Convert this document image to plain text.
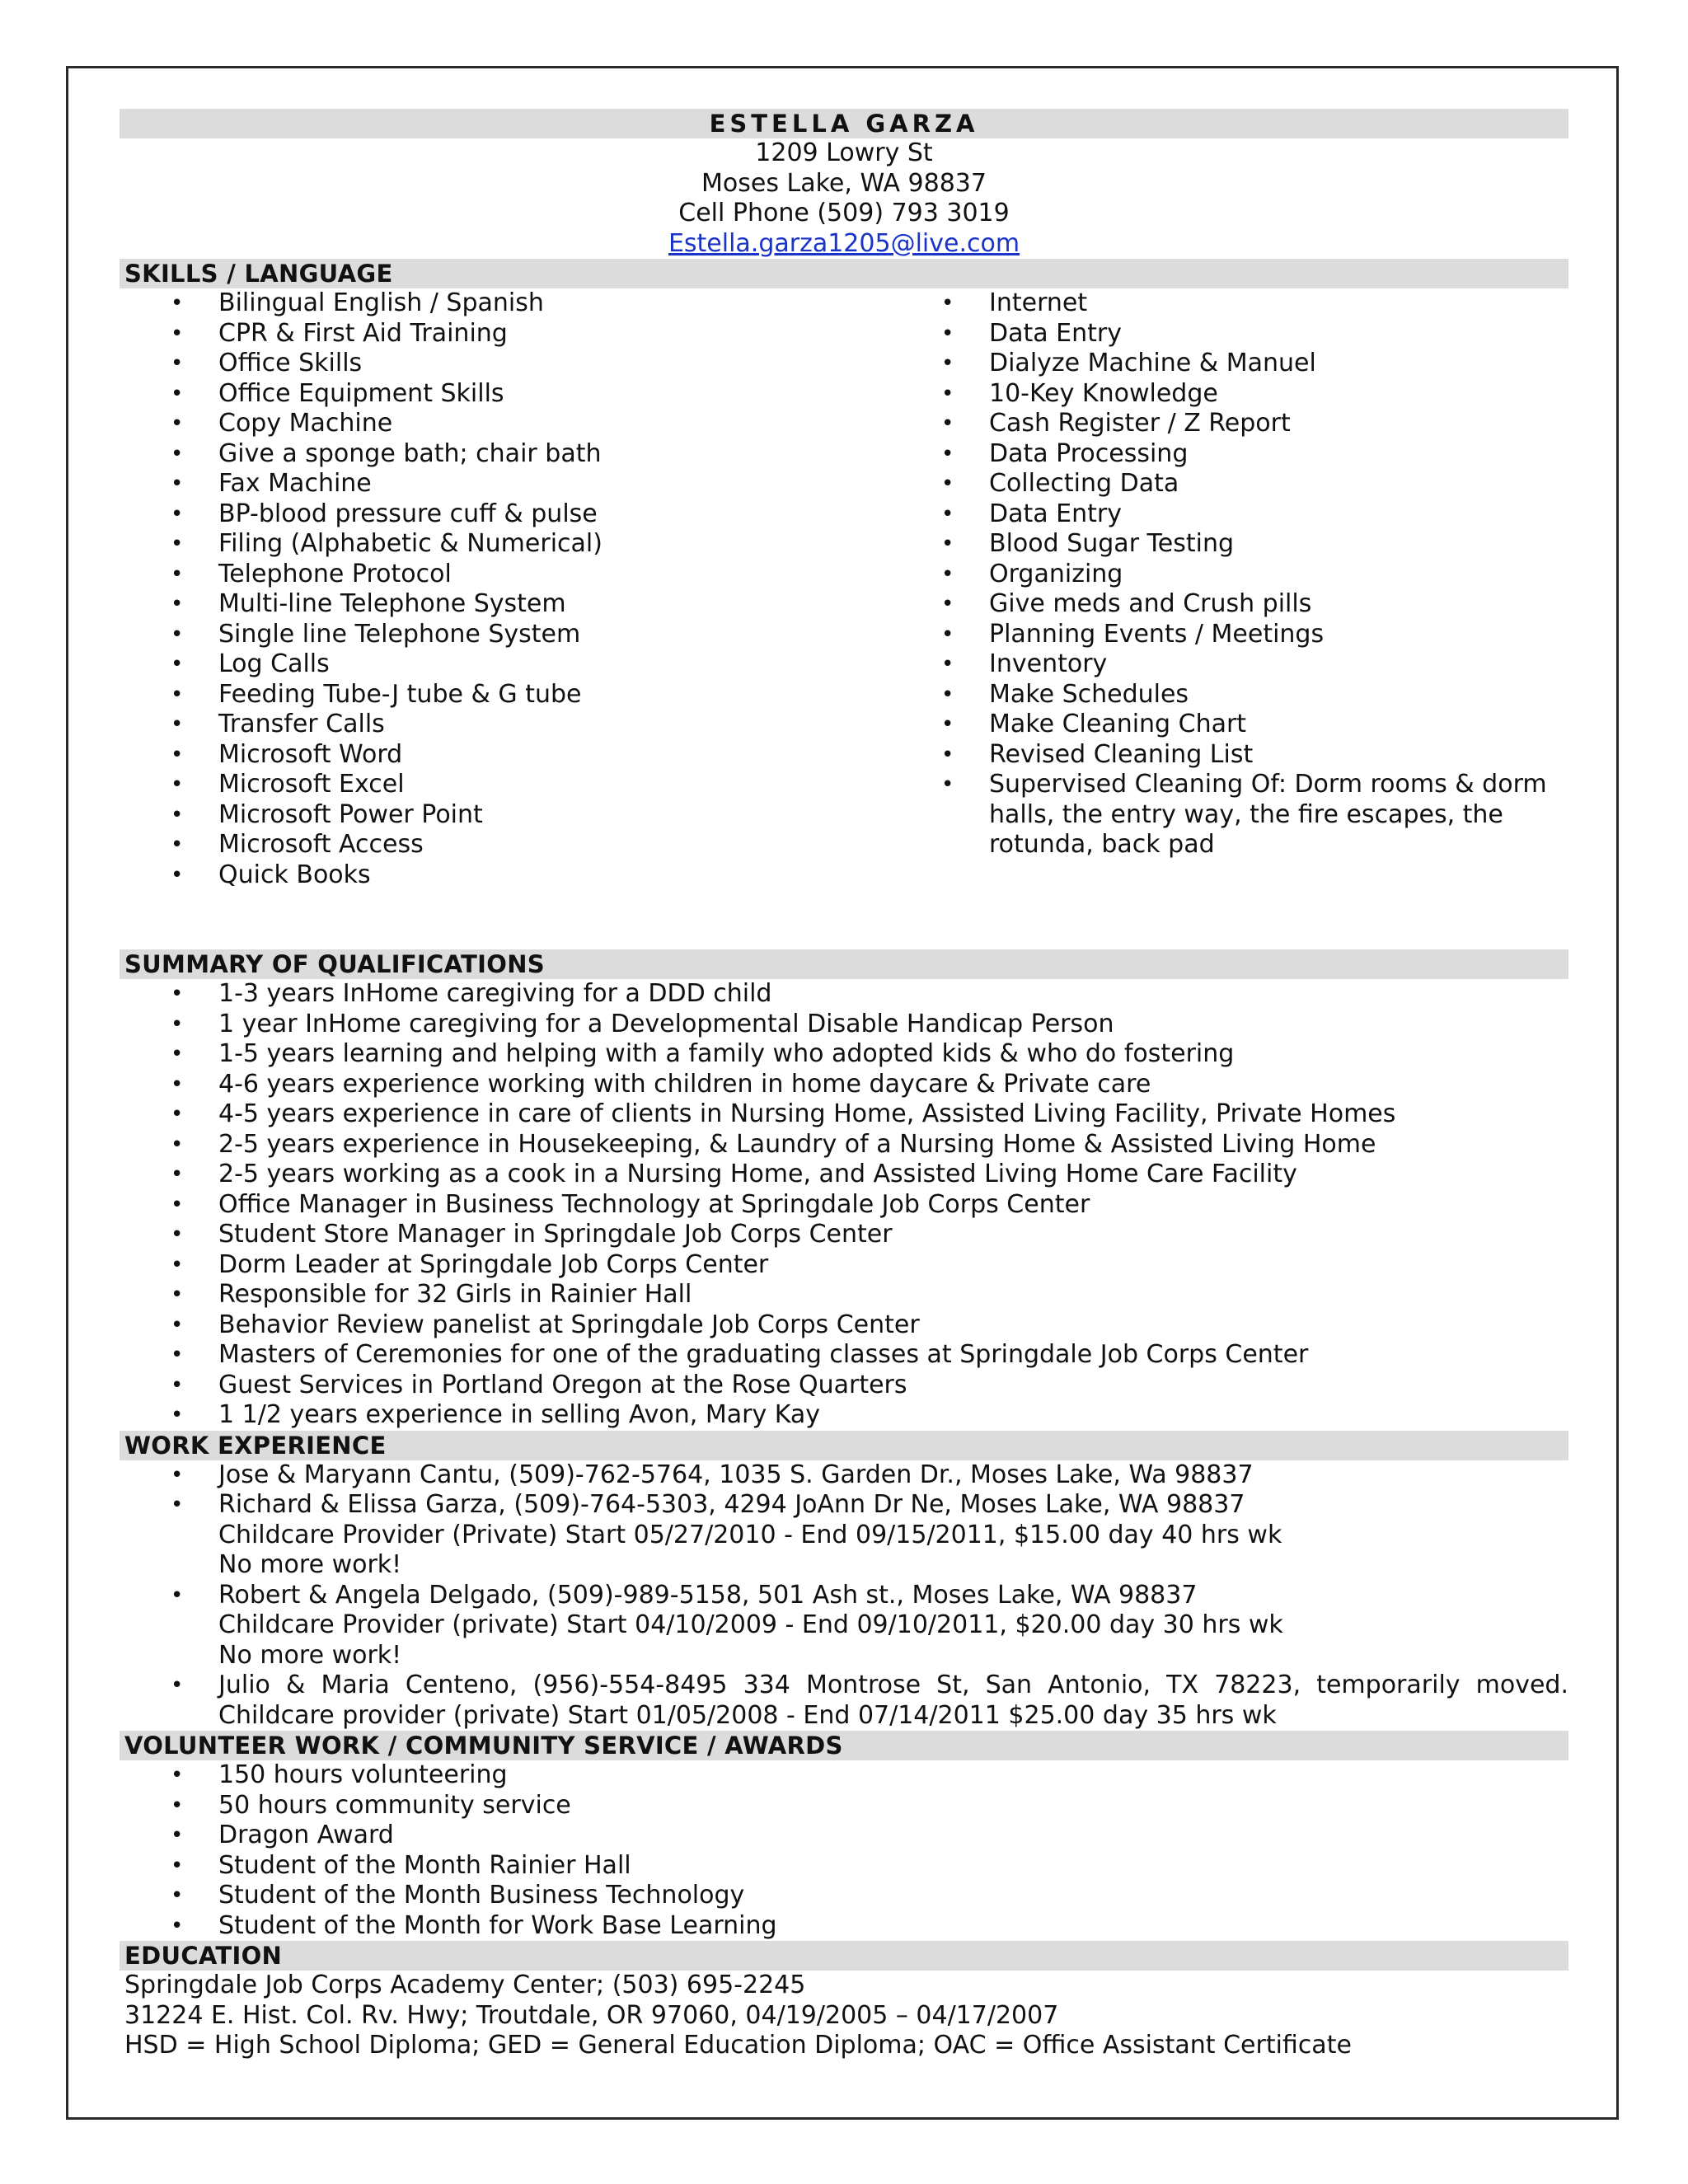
ESTELLA GARZA
1209 Lowry St
Moses Lake, WA 98837
Cell Phone (509) 793 3019
Estella.garza1205@live.com
SKILLS / LANGUAGE
• Bilingual English / Spanish
• CPR & First Aid Training
• Office Skills
• Office Equipment Skills
• Copy Machine
• Give a sponge bath; chair bath
• Fax Machine
• BP-blood pressure cuff & pulse
• Filing (Alphabetic & Numerical)
• Telephone Protocol
• Multi-line Telephone System
• Single line Telephone System
• Log Calls
• Feeding Tube-J tube & G tube
• Transfer Calls
• Microsoft Word
• Microsoft Excel
• Microsoft Power Point
• Microsoft Access
• Quick Books
• Internet
• Data Entry
• Dialyze Machine & Manuel
• 10-Key Knowledge
• Cash Register / Z Report
• Data Processing
• Collecting Data
• Data Entry
• Blood Sugar Testing
• Organizing
• Give meds and Crush pills
• Planning Events / Meetings
• Inventory
• Make Schedules
• Make Cleaning Chart
• Revised Cleaning List
• Supervised Cleaning Of: Dorm rooms & dorm halls, the entry way, the fire escapes, the rotunda, back pad
SUMMARY OF QUALIFICATIONS
• 1-3 years InHome caregiving for a DDD child
• 1 year InHome caregiving for a Developmental Disable Handicap Person
• 1-5 years learning and helping with a family who adopted kids & who do fostering
• 4-6 years experience working with children in home daycare & Private care
• 4-5 years experience in care of clients in Nursing Home, Assisted Living Facility, Private Homes
• 2-5 years experience in Housekeeping, & Laundry of a Nursing Home & Assisted Living Home
• 2-5 years working as a cook in a Nursing Home, and Assisted Living Home Care Facility
• Office Manager in Business Technology at Springdale Job Corps Center
• Student Store Manager in Springdale Job Corps Center
• Dorm Leader at Springdale Job Corps Center
• Responsible for 32 Girls in Rainier Hall
• Behavior Review panelist at Springdale Job Corps Center
• Masters of Ceremonies for one of the graduating classes at Springdale Job Corps Center
• Guest Services in Portland Oregon at the Rose Quarters
• 1 1/2 years experience in selling Avon, Mary Kay
WORK EXPERIENCE
• Jose & Maryann Cantu, (509)-762-5764, 1035 S. Garden Dr., Moses Lake, Wa 98837
• Richard & Elissa Garza, (509)-764-5303, 4294 JoAnn Dr Ne, Moses Lake, WA 98837
Childcare Provider (Private) Start 05/27/2010 - End 09/15/2011, $15.00 day 40 hrs wk
No more work!
• Robert & Angela Delgado, (509)-989-5158, 501 Ash st., Moses Lake, WA 98837
Childcare Provider (private) Start 04/10/2009 - End 09/10/2011, $20.00 day 30 hrs wk
No more work!
• Julio & Maria Centeno, (956)-554-8495 334 Montrose St, San Antonio, TX 78223, temporarily moved.
Childcare provider (private) Start 01/05/2008 - End 07/14/2011 $25.00 day 35 hrs wk
VOLUNTEER WORK / COMMUNITY SERVICE / AWARDS
• 150 hours volunteering
• 50 hours community service
• Dragon Award
• Student of the Month Rainier Hall
• Student of the Month Business Technology
• Student of the Month for Work Base Learning
EDUCATION

Springdale Job Corps Academy Center; (503) 695-2245

31224 E. Hist. Col. Rv. Hwy; Troutdale, OR 97060, 04/19/2005 – 04/17/2007

HSD = High School Diploma; GED = General Education Diploma; OAC = Office Assistant Certificate
